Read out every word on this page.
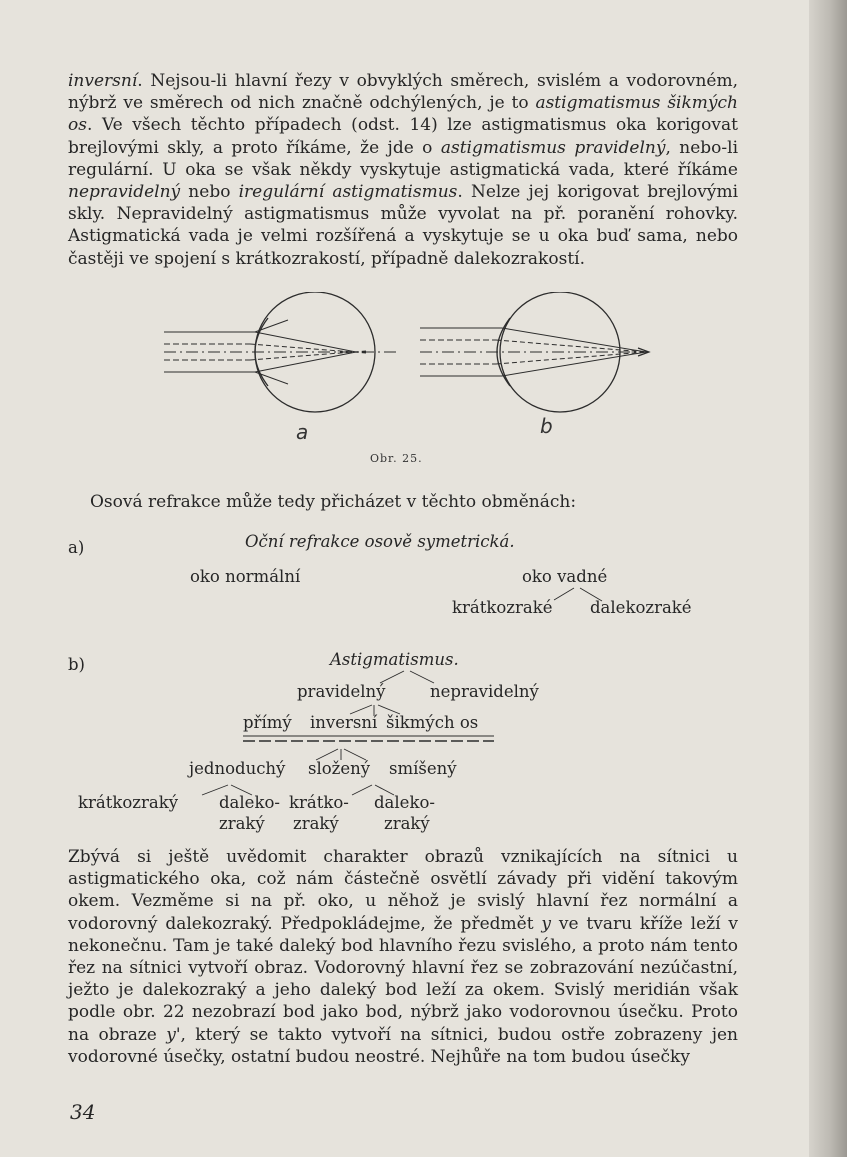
inversní. Nejsou-li hlavní řezy v obvyklých směrech, svislém a vodorovném, nýbrž ve směrech od nich značně odchýlených, je to astigmatismus šikmých os. Ve všech těchto případech (odst. 14) lze astigmatismus oka korigovat brejlovými skly, a proto říkáme, že jde o astigmatismus pravidelný, nebo-li regulární. U oka se však někdy vyskytuje astigmatická vada, které říkáme nepravidelný nebo iregulární astigmatismus. Nelze jej korigovat brejlovými skly. Nepravidelný astigmatismus může vyvolat na př. poranění rohovky. Astigmatická vada je velmi rozšířená a vyskytuje se u oka buď sama, nebo častěji ve spojení s krátkozrakostí, případně dalekozrakostí.

a	b
Obr. 25.
Osová refrakce může tedy přicházet v těchto obměnách:
a)	Oční refrakce osově symetrická.
oko normální	oko vadné
krátkozraké dalekozraké
b)	Astigmatismus.
pravidelný	nepravidelný
přímý inversní šikmých os
jednoduchý složený smíšený
krátkozraký daleko-
zraký
krátko-
zraký
daleko-
zraký

Zbývá si ještě uvědomit charakter obrazů vznikajících na sítnici u astigmatického oka, což nám částečně osvětlí závady při vidění takovým okem. Vezměme si na př. oko, u něhož je svislý hlavní řez normální a vodorovný dalekozraký. Předpokládejme, že předmět y ve tvaru kříže leží v nekonečnu. Tam je také daleký bod hlavního řezu svislého, a proto nám tento řez na sítnici vytvoří obraz. Vodorovný hlavní řez se zobrazování nezúčastní, ježto je dalekozraký a jeho daleký bod leží za okem. Svislý meridián však podle obr. 22 nezobrazí bod jako bod, nýbrž jako vodorovnou úsečku. Proto na obraze y', který se takto vytvoří na sítnici, budou ostře zobrazeny jen vodorovné úsečky, ostatní budou neostré. Nejhůře na tom budou úsečky

34
